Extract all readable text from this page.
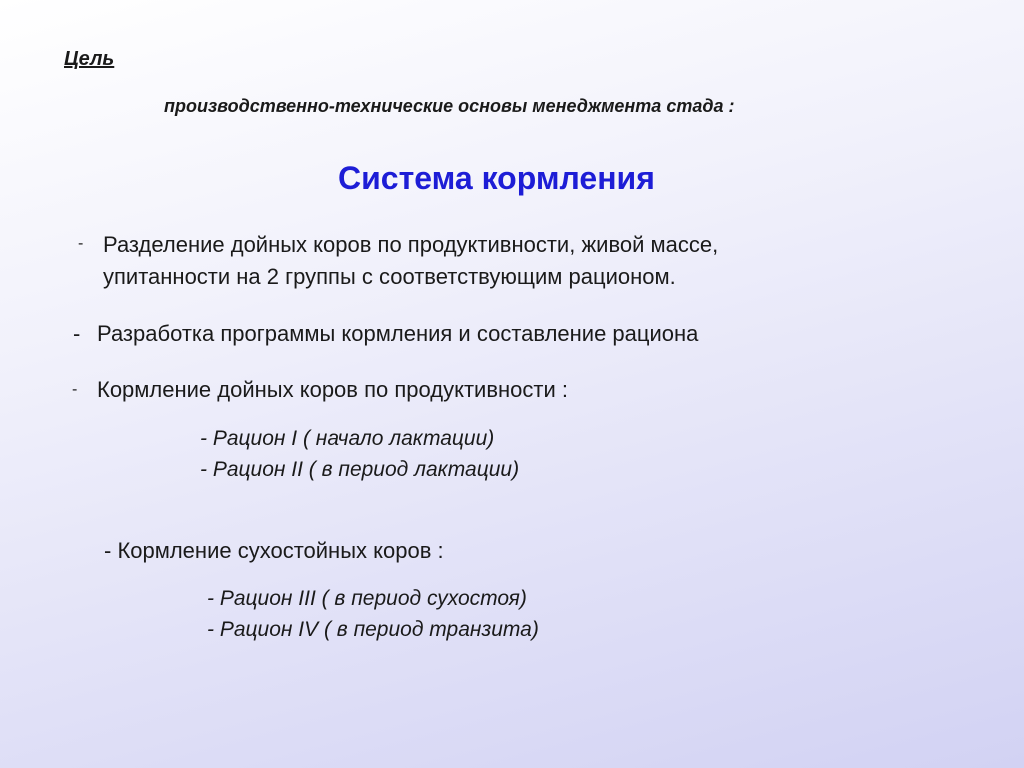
Цель
производственно-технические основы менеджмента стада :
Система кормления
- Разделение дойных коров по продуктивности, живой массе,
упитанности на 2 группы с соответствующим рационом.
- Разработка программы кормления и составление рациона
- Кормление дойных коров по продуктивности :
- Рацион I ( начало лактации)
- Рацион II ( в период лактации)
- Кормление сухостойных коров :
- Рацион III ( в период сухостоя)
- Рацион IV ( в период транзита)
